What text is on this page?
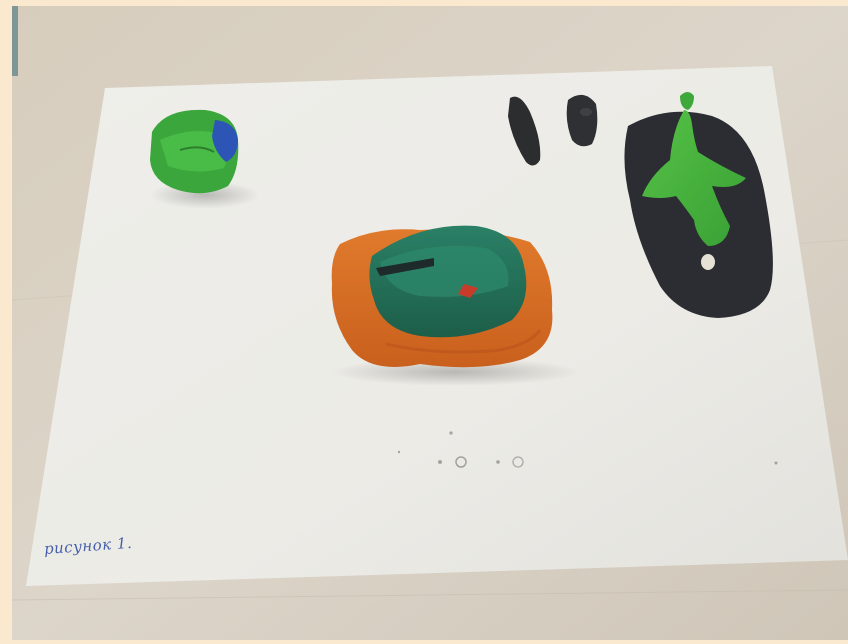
рисунок 1.
